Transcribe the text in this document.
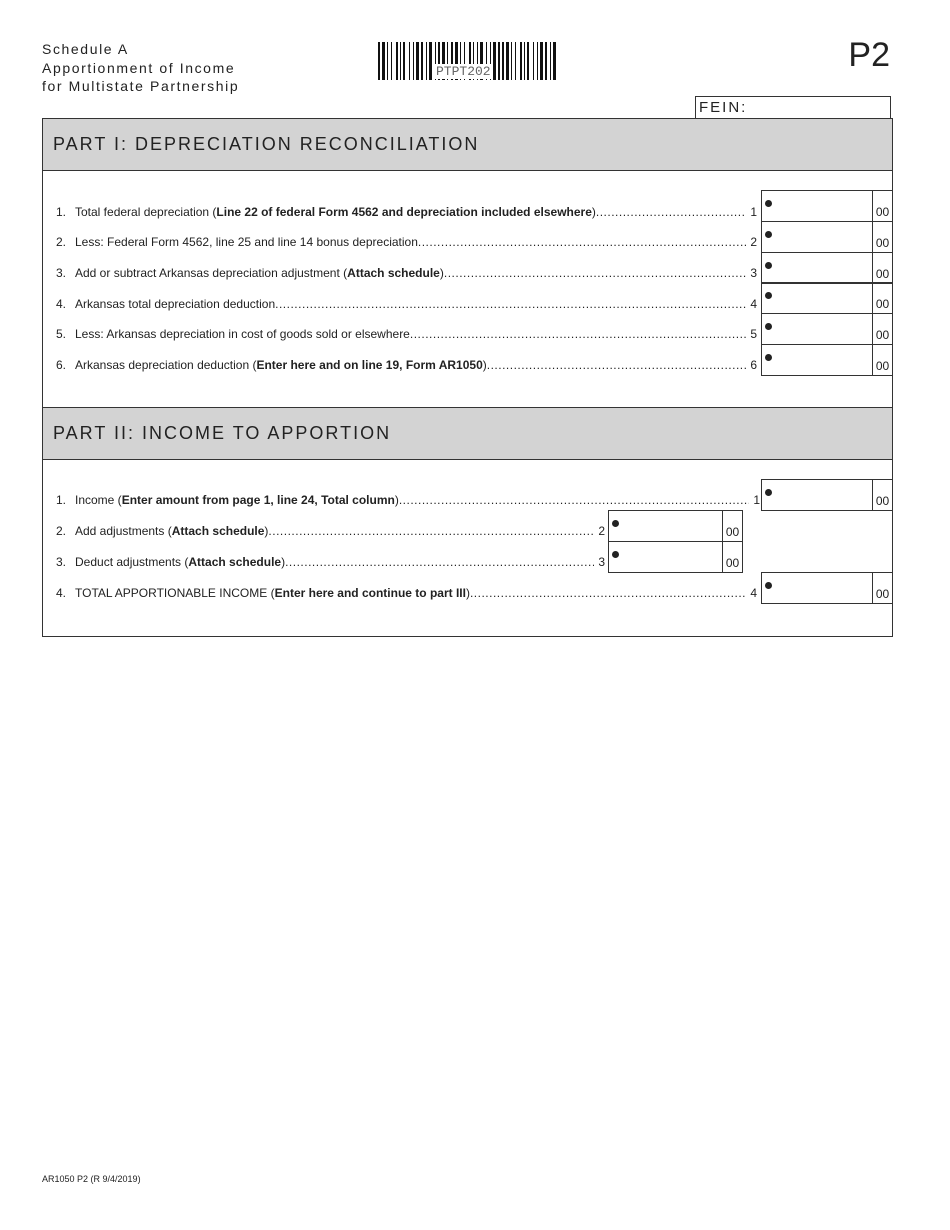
Schedule A
Apportionment of Income
for Multistate Partnership
PTPT202	P2
FEIN:
PART I: DEPRECIATION RECONCILIATION
PART II: INCOME TO APPORTION
1. Total federal depreciation (Line 22 of federal Form 4562 and depreciation included elsewhere) .....	1	00
2. Less: Federal Form 4562, line 25 and line 14 bonus depreciation .....	2	00
3. Add or subtract Arkansas depreciation adjustment (Attach schedule) .....	3	00
4. Arkansas total depreciation deduction .....	4	00
5. Less: Arkansas depreciation in cost of goods sold or elsewhere .....	5	00
6. Arkansas depreciation deduction (Enter here and on line 19, Form AR1050) .....	6	00
1. Income (Enter amount from page 1, line 24, Total column) .....	1	00
2. Add adjustments (Attach schedule) .....	2	00
3. Deduct adjustments (Attach schedule) .....	3	00
4. TOTAL APPORTIONABLE INCOME (Enter here and continue to part III) .....	4	00
AR1050 P2 (R 9/4/2019)
